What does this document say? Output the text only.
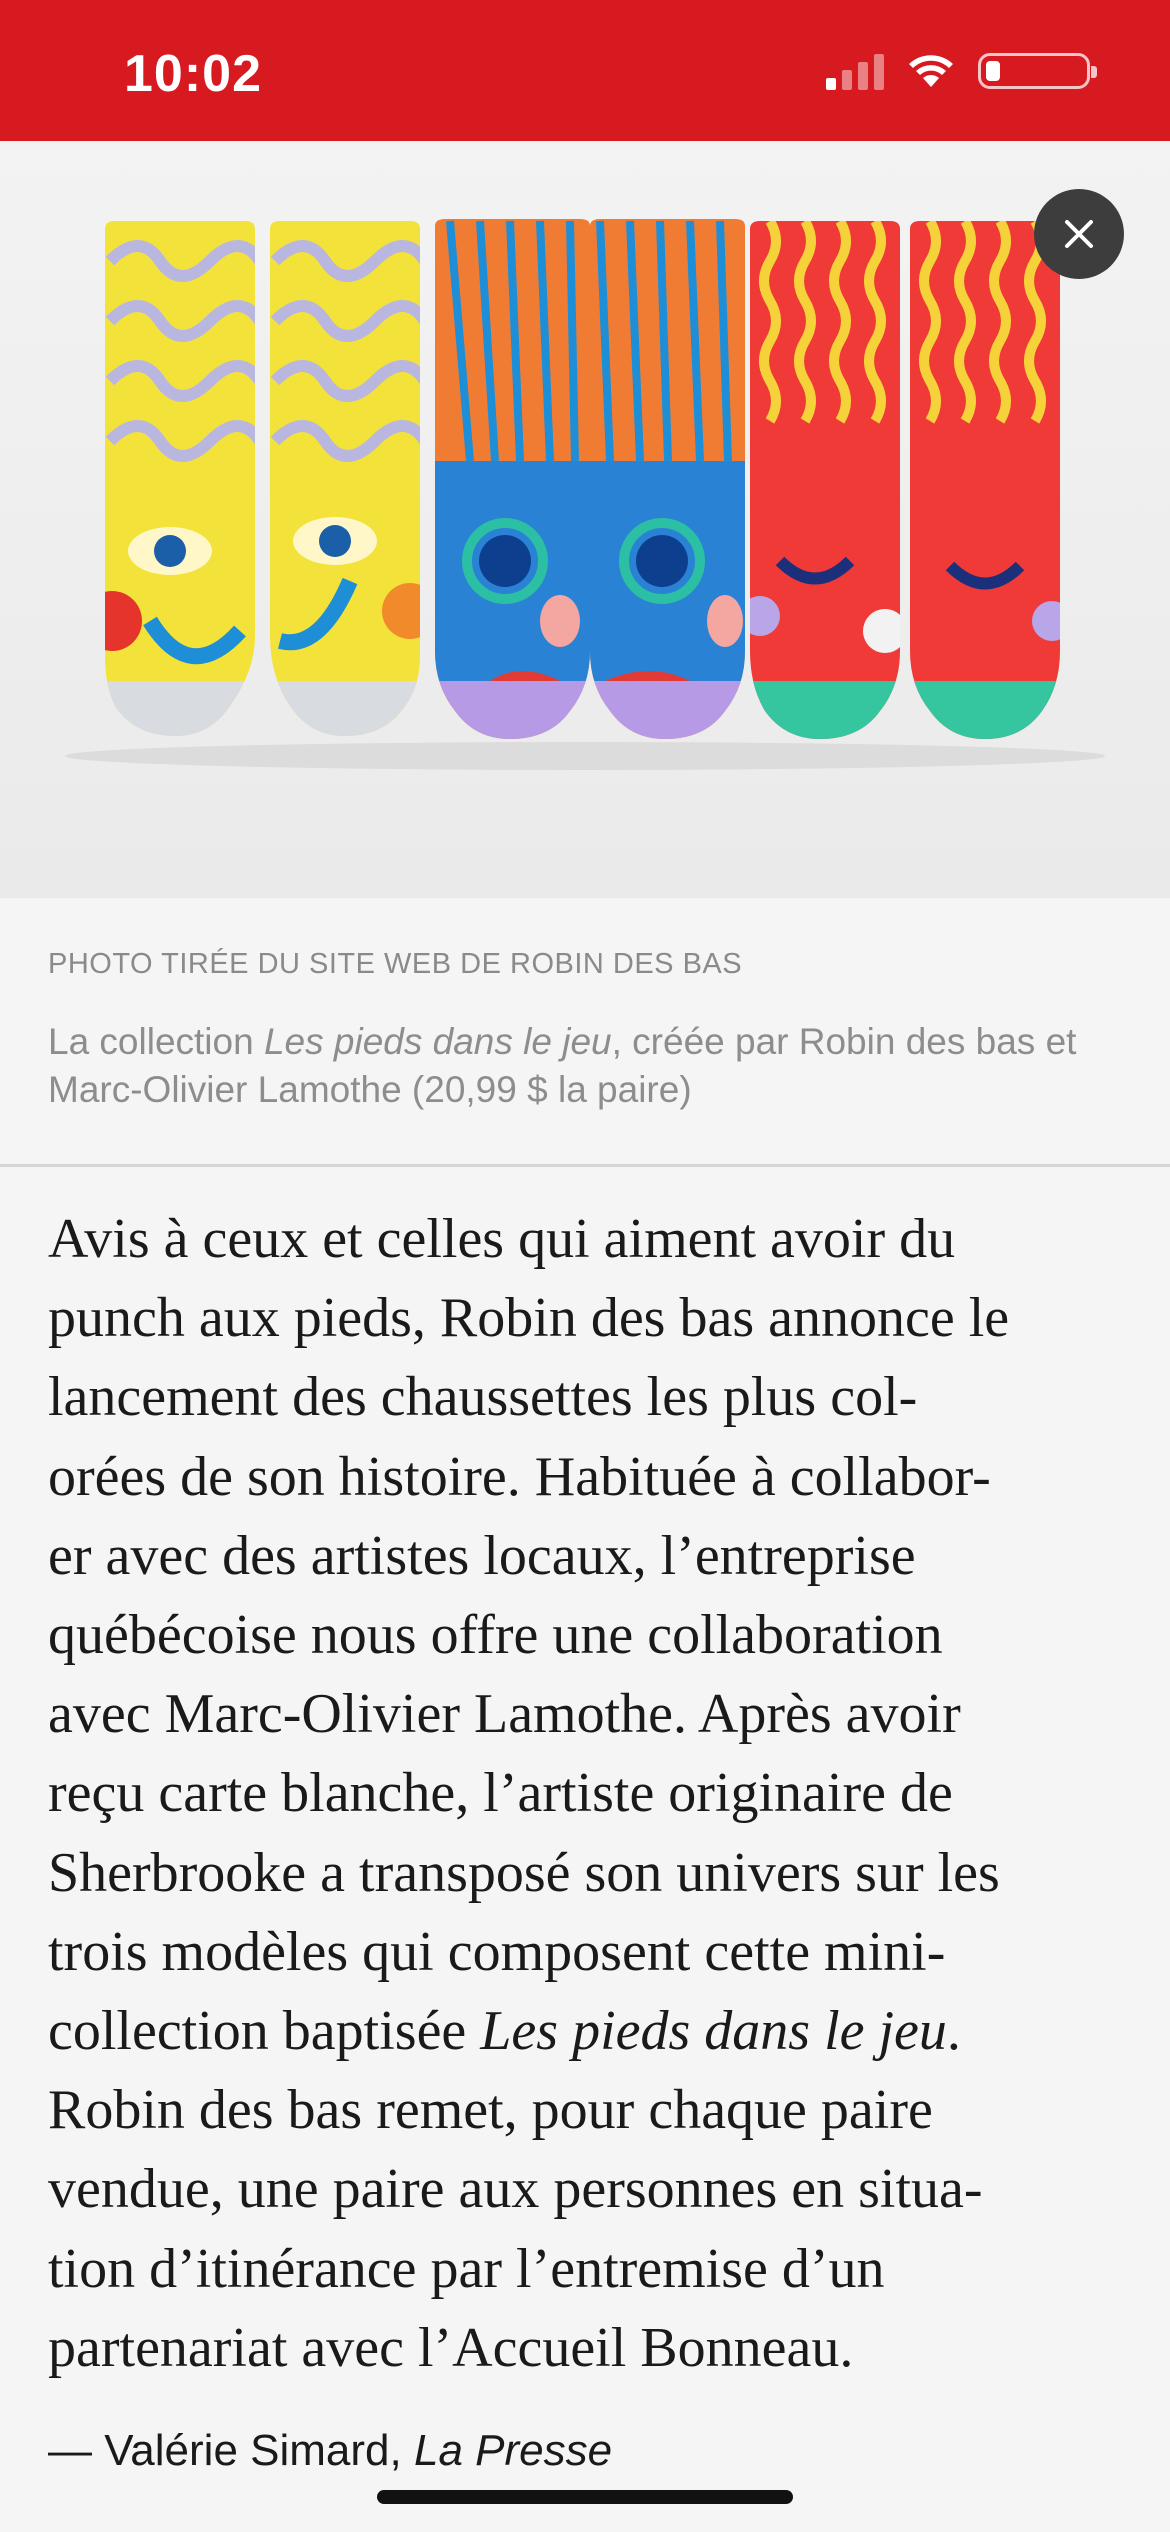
10:02
PHOTO TIRÉE DU SITE WEB DE ROBIN DES BAS
La collection Les pieds dans le jeu, créée par Robin des bas et
Marc-Olivier Lamothe (20,99 $ la paire)
Avis à ceux et celles qui aiment avoir du
punch aux pieds, Robin des bas annonce le
lancement des chaussettes les plus col-
orées de son histoire. Habituée à collabor-
er avec des artistes locaux, l’entreprise
québécoise nous offre une collaboration
avec Marc-Olivier Lamothe. Après avoir
reçu carte blanche, l’artiste originaire de
Sherbrooke a transposé son univers sur les
trois modèles qui composent cette mini-
collection baptisée Les pieds dans le jeu.
Robin des bas remet, pour chaque paire
vendue, une paire aux personnes en situa-
tion d’itinérance par l’entremise d’un
partenariat avec l’Accueil Bonneau.
— Valérie Simard, La Presse
